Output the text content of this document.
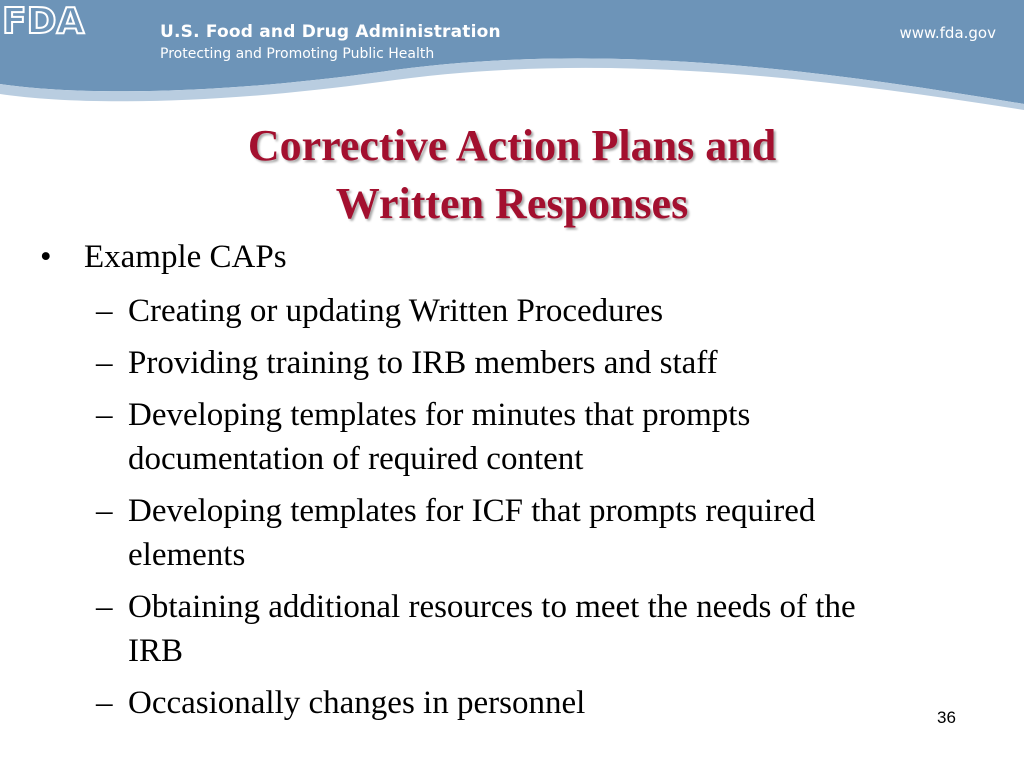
FDA	U.S. Food and Drug Administration
Protecting and Promoting Public Health
www.fda.gov
Corrective Action Plans and
Written Responses
• Example CAPs
– Creating or updating Written Procedures
– Providing training to IRB members and staff
– Developing templates for minutes that prompts documentation of required content
– Developing templates for ICF that prompts required elements
– Obtaining additional resources to meet the needs of the IRB
– Occasionally changes in personnel	36
